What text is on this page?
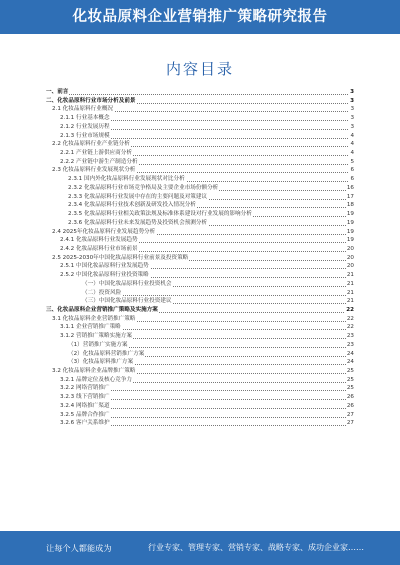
化妆品原料企业营销推广策略研究报告
内容目录
一、前言	3
二、化妆品原料行业市场分析及前景	3
2.1 化妆品原料行业概况	3
2.1.1 行业基本概念	3
2.1.2 行业发展历程	3
2.1.3 行业市场规模	4
2.2 化妆品原料行业产业链分析	4
2.2.1 产业链上游供应商分析	4
2.2.2 产业链中游生产制造分析	5
2.3 化妆品原料行业发展现状分析	6
2.3.1 国内外化妆品原料行业发展现状对比分析	6
2.3.2 化妆品原料行业市场竞争格局及主要企业市场份额分析	16
2.3.3 化妆品原料行业发展中存在的主要问题及对策建议	17
2.3.4 化妆品原料行业技术创新及研发投入情况分析	18
2.3.5 化妆品原料行业相关政策法规及标准体系建设对行业发展的影响分析	19
2.3.6 化妆品原料行业未来发展趋势及投资机会预测分析	19
2.4 2025年化妆品原料行业发展趋势分析	19
2.4.1 化妆品原料行业发展趋势	19
2.4.2 化妆品原料行业市场前景	20
2.5 2025-2030年中国化妆品原料行业前景及投资策略	20
2.5.1 中国化妆品原料行业发展趋势	20
2.5.2 中国化妆品原料行业投资策略	21
（一）中国化妆品原料行业投资机会	21
（二）投资风险	21
（三）中国化妆品原料行业投资建议	21
三、化妆品原料企业营销推广策略及实施方案	22
3.1 化妆品原料企业营销推广策略	22
3.1.1 企业营销推广策略	22
3.1.2 营销推广策略实施方案	23
（1）营销推广实施方案	23
（2）化妆品原料营销推广方案	24
（3）化妆品原料推广方案	24
3.2 化妆品原料企业品牌推广策略	25
3.2.1 品牌定位及核心竞争力	25
3.2.2 网络营销推广	25
3.2.3 线下营销推广	26
3.2.4 网络推广渠道	26
3.2.5 品牌合作推广	27
3.2.6 客户关系维护	27
让每个人都能成为	行业专家、管理专家、营销专家、战略专家、成功企业家……
